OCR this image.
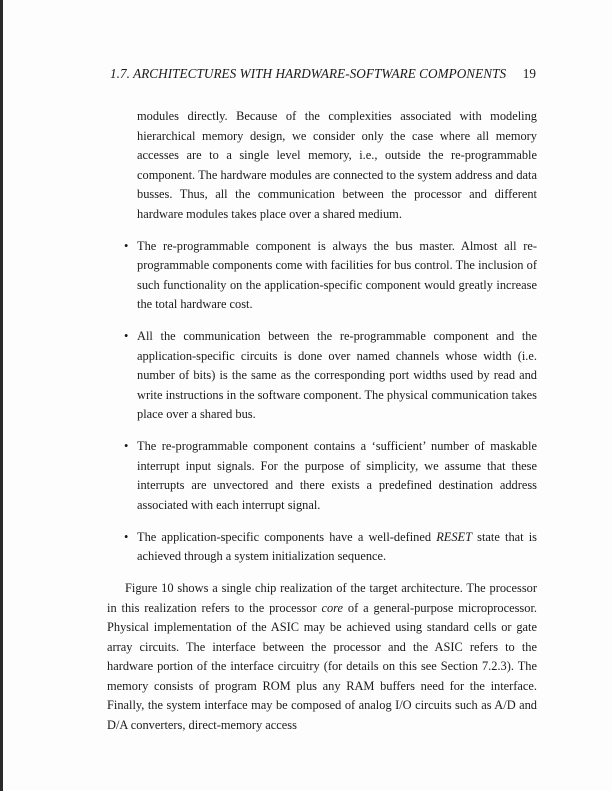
1.7. ARCHITECTURES WITH HARDWARE-SOFTWARE COMPONENTS 19

modules directly. Because of the complexities associated with modeling hierarchical memory design, we consider only the case where all memory accesses are to a single level memory, i.e., outside the re-programmable component. The hardware modules are connected to the system address and data busses. Thus, all the communication between the processor and different hardware modules takes place over a shared medium.

• The re-programmable component is always the bus master. Almost all re-programmable components come with facilities for bus control. The inclusion of such functionality on the application-specific component would greatly increase the total hardware cost.
• All the communication between the re-programmable component and the application-specific circuits is done over named channels whose width (i.e. number of bits) is the same as the corresponding port widths used by read and write instructions in the software component. The physical communication takes place over a shared bus.
• The re-programmable component contains a ‘sufficient’ number of maskable interrupt input signals. For the purpose of simplicity, we assume that these interrupts are unvectored and there exists a predefined destination address associated with each interrupt signal.
• The application-specific components have a well-defined RESET state that is achieved through a system initialization sequence.

Figure 10 shows a single chip realization of the target architecture. The processor in this realization refers to the processor core of a general-purpose microprocessor. Physical implementation of the ASIC may be achieved using standard cells or gate array circuits. The interface between the processor and the ASIC refers to the hardware portion of the interface circuitry (for details on this see Section 7.2.3). The memory consists of program ROM plus any RAM buffers need for the interface. Finally, the system interface may be composed of analog I/O circuits such as A/D and D/A converters, direct-memory access
